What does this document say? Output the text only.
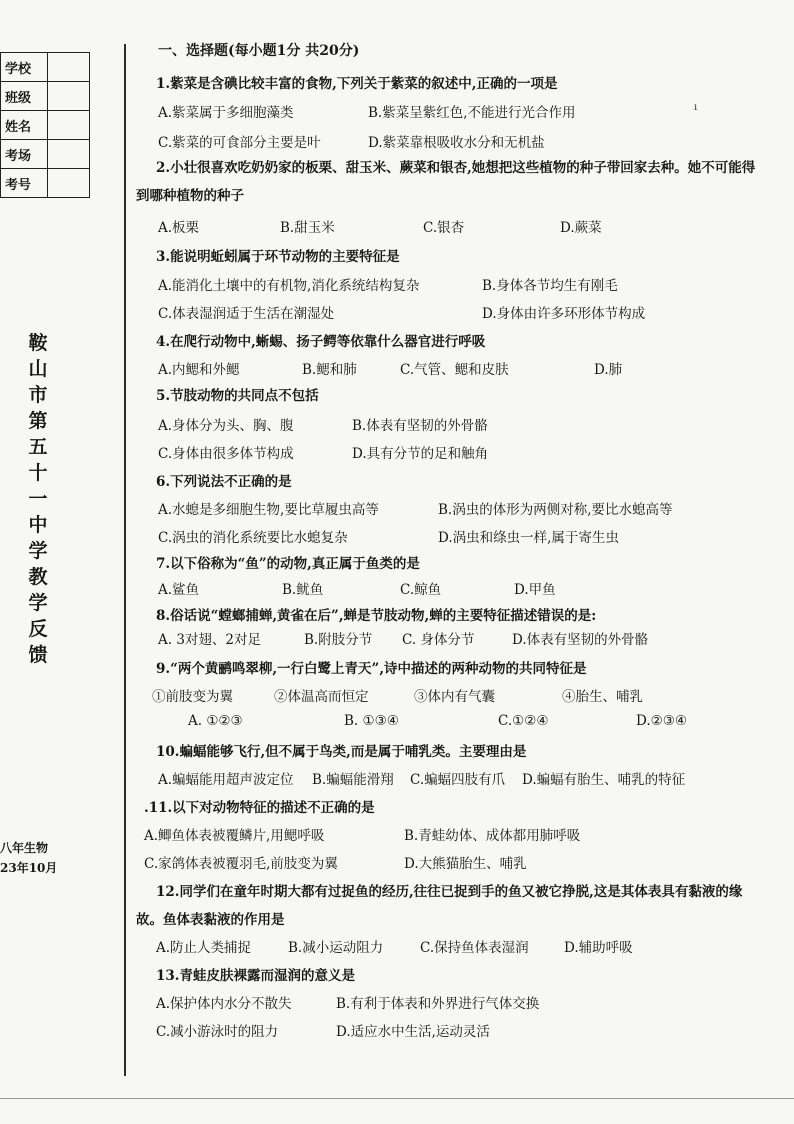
学校	
班级	
姓名	
考场	
考号	
鞍山市第五十一中学教学反馈
八年生物
23年10月
一、选择题(每小题1分 共20分)
1.紫菜是含碘比较丰富的食物,下列关于紫菜的叙述中,正确的一项是
A.紫菜属于多细胞藻类	B.紫菜呈紫红色,不能进行光合作用
C.紫菜的可食部分主要是叶	D.紫菜靠根吸收水分和无机盐
ı
2.小壮很喜欢吃奶奶家的板栗、甜玉米、蕨菜和银杏,她想把这些植物的种子带回家去种。她不可能得到哪种植物的种子
A.板栗	B.甜玉米	C.银杏	D.蕨菜
3.能说明蚯蚓属于环节动物的主要特征是
A.能消化土壤中的有机物,消化系统结构复杂	B.身体各节均生有刚毛
C.体表湿润适于生活在潮湿处	D.身体由许多环形体节构成
4.在爬行动物中,蜥蜴、扬子鳄等依靠什么器官进行呼吸
A.内鳃和外鳃	B.鳃和肺	C.气管、鳃和皮肤	D.肺
5.节肢动物的共同点不包括
A.身体分为头、胸、腹	B.体表有坚韧的外骨骼
C.身体由很多体节构成	D.具有分节的足和触角
6.下列说法不正确的是
A.水螅是多细胞生物,要比草履虫高等	B.涡虫的体形为两侧对称,要比水螅高等
C.涡虫的消化系统要比水螅复杂	D.涡虫和绦虫一样,属于寄生虫
7.以下俗称为“鱼”的动物,真正属于鱼类的是
A.鲨鱼	B.鱿鱼	C.鲸鱼	D.甲鱼
8.俗话说“螳螂捕蝉,黄雀在后”,蝉是节肢动物,蝉的主要特征描述错误的是:
A. 3对翅、2对足	B.附肢分节 C. 身体分节	D.体表有坚韧的外骨骼
9.“两个黄鹂鸣翠柳,一行白鹭上青天”,诗中描述的两种动物的共同特征是
①前肢变为翼	②体温高而恒定	③体内有气囊	④胎生、哺乳
A. ①②③	B. ①③④	C.①②④	D.②③④
10.蝙蝠能够飞行,但不属于鸟类,而是属于哺乳类。主要理由是
A.蝙蝠能用超声波定位 B.蝙蝠能滑翔 C.蝙蝠四肢有爪 D.蝙蝠有胎生、哺乳的特征
.11.以下对动物特征的描述不正确的是
A.鲫鱼体表被覆鳞片,用鳃呼吸	B.青蛙幼体、成体都用肺呼吸
C.家鸽体表被覆羽毛,前肢变为翼	D.大熊猫胎生、哺乳
12.同学们在童年时期大都有过捉鱼的经历,往往已捉到手的鱼又被它挣脱,这是其体表具有黏液的缘故。鱼体表黏液的作用是
A.防止人类捕捉	B.减小运动阻力	C.保持鱼体表湿润	D.辅助呼吸
13.青蛙皮肤裸露而湿润的意义是
A.保护体内水分不散失	B.有利于体表和外界进行气体交换
C.减小游泳时的阻力	D.适应水中生活,运动灵活
